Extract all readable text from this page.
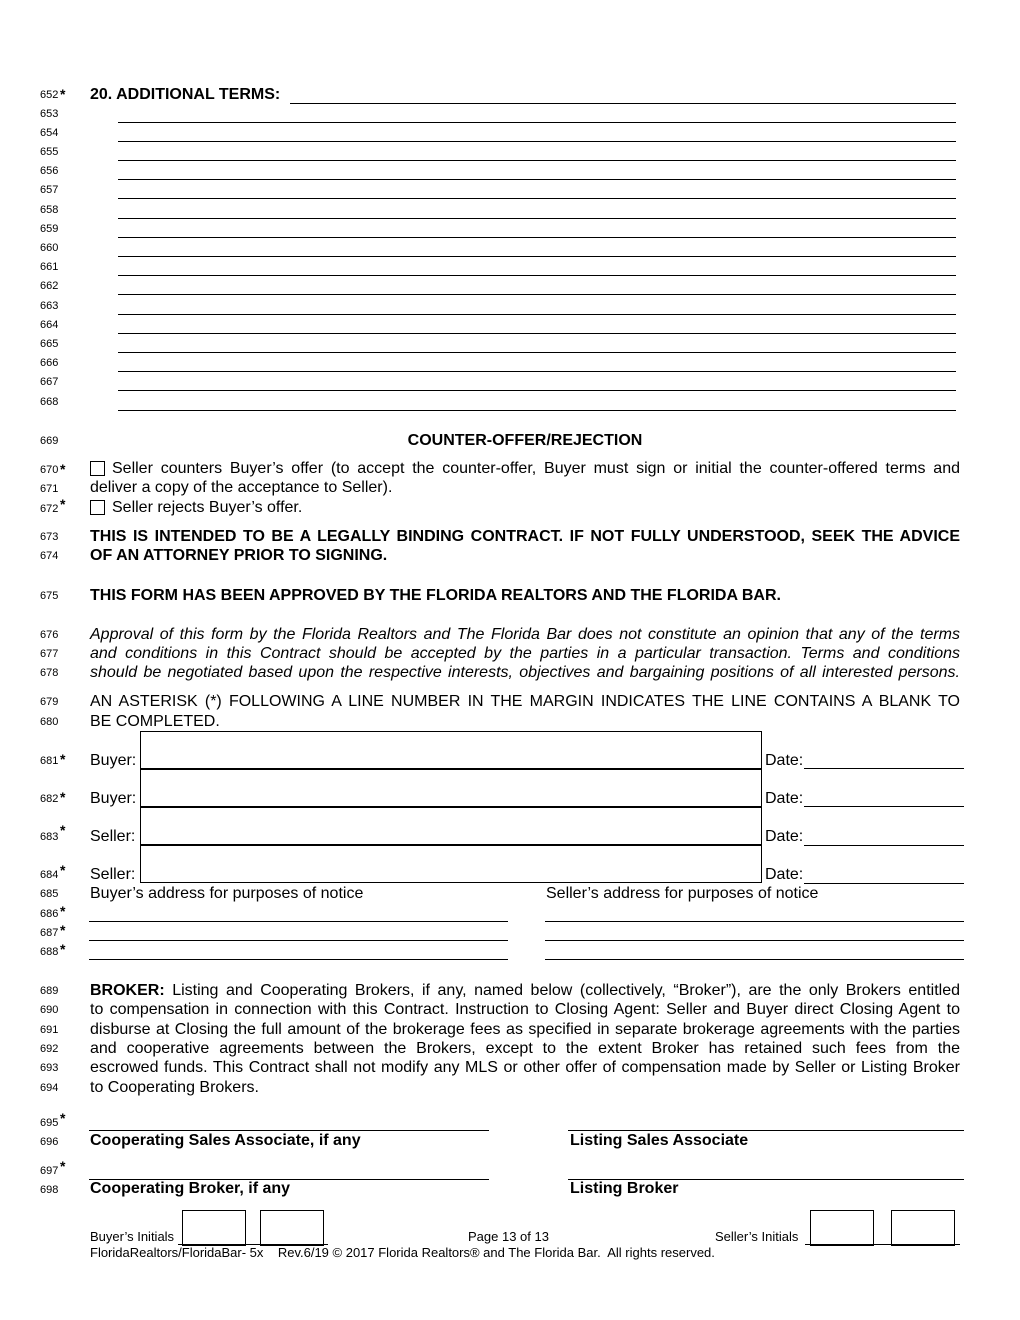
652 * 20. ADDITIONAL TERMS:
653
654
655
656
657
658
659
660
661
662
663
664
665
666
667
668
669	COUNTER-OFFER/REJECTION
670 *	Seller counters Buyer’s offer (to accept the counter-offer, Buyer must sign or initial the counter-offered terms and
671 deliver a copy of the acceptance to Seller).
672 *	Seller rejects Buyer’s offer.
673 THIS IS INTENDED TO BE A LEGALLY BINDING CONTRACT. IF NOT FULLY UNDERSTOOD, SEEK THE ADVICE
674 OF AN ATTORNEY PRIOR TO SIGNING.
675 THIS FORM HAS BEEN APPROVED BY THE FLORIDA REALTORS AND THE FLORIDA BAR.
676 Approval of this form by the Florida Realtors and The Florida Bar does not constitute an opinion that any of the terms
677 and conditions in this Contract should be accepted by the parties in a particular transaction. Terms and conditions
678 should be negotiated based upon the respective interests, objectives and bargaining positions of all interested persons.
679 AN ASTERISK (*) FOLLOWING A LINE NUMBER IN THE MARGIN INDICATES THE LINE CONTAINS A BLANK TO
680 BE COMPLETED.
681 * Buyer:	Date:
682 * Buyer:	Date:
683 * Seller:	Date:
684 * Seller:	Date:
685 Buyer’s address for purposes of notice	Seller’s address for purposes of notice
686 *
687 *
688 *
689 BROKER: Listing and Cooperating Brokers, if any, named below (collectively, “Broker”), are the only Brokers entitled
690 to compensation in connection with this Contract. Instruction to Closing Agent: Seller and Buyer direct Closing Agent to
691 disburse at Closing the full amount of the brokerage fees as specified in separate brokerage agreements with the parties
692 and cooperative agreements between the Brokers, except to the extent Broker has retained such fees from the
693 escrowed funds. This Contract shall not modify any MLS or other offer of compensation made by Seller or Listing Broker
694 to Cooperating Brokers.
695 *
696 Cooperating Sales Associate, if any	Listing Sales Associate
697 *
698 Cooperating Broker, if any	Listing Broker
Buyer’s Initials	Page 13 of 13	Seller’s Initials
FloridaRealtors/FloridaBar- 5x    Rev.6/19 © 2017 Florida Realtors® and The Florida Bar.  All rights reserved.
